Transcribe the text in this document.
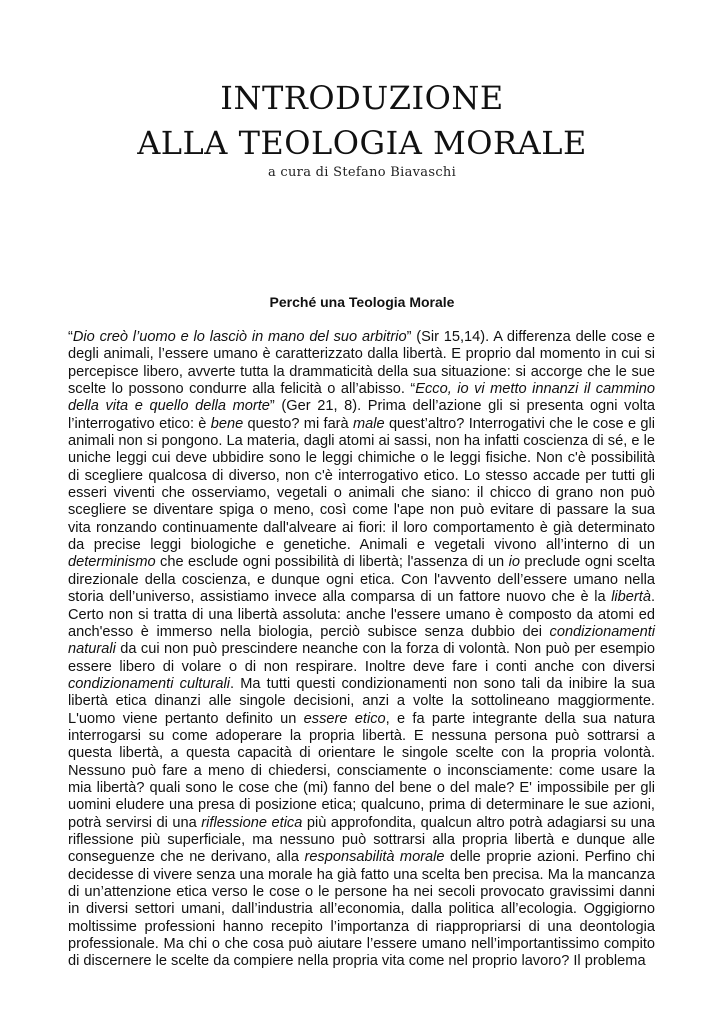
INTRODUZIONE
ALLA TEOLOGIA MORALE
a cura di Stefano Biavaschi
Perché una Teologia Morale

“Dio creò l’uomo e lo lasciò in mano del suo arbitrio” (Sir 15,14). A differenza delle cose e degli animali, l’essere umano è caratterizzato dalla libertà. E proprio dal momento in cui si percepisce libero, avverte tutta la drammaticità della sua situazione: si accorge che le sue scelte lo possono condurre alla felicità o all’abisso. “Ecco, io vi metto innanzi il cammino della vita e quello della morte” (Ger 21, 8). Prima dell’azione gli si presenta ogni volta l’interrogativo etico: è bene questo? mi farà male quest’altro? Interrogativi che le cose e gli animali non si pongono. La materia, dagli atomi ai sassi, non ha infatti coscienza di sé, e le uniche leggi cui deve ubbidire sono le leggi chimiche o le leggi fisiche. Non c'è possibilità di scegliere qualcosa di diverso, non c'è interrogativo etico. Lo stesso accade per tutti gli esseri viventi che osserviamo, vegetali o animali che siano: il chicco di grano non può scegliere se diventare spiga o meno, così come l'ape non può evitare di passare la sua vita ronzando continuamente dall'alveare ai fiori: il loro comportamento è già determinato da precise leggi biologiche e genetiche. Animali e vegetali vivono all’interno di un determinismo che esclude ogni possibilità di libertà; l'assenza di un io preclude ogni scelta direzionale della coscienza, e dunque ogni etica. Con l'avvento dell’essere umano nella storia dell’universo, assistiamo invece alla comparsa di un fattore nuovo che è la libertà. Certo non si tratta di una libertà assoluta: anche l'essere umano è composto da atomi ed anch'esso è immerso nella biologia, perciò subisce senza dubbio dei condizionamenti naturali da cui non può prescindere neanche con la forza di volontà. Non può per esempio essere libero di volare o di non respirare. Inoltre deve fare i conti anche con diversi condizionamenti culturali. Ma tutti questi condizionamenti non sono tali da inibire la sua libertà etica dinanzi alle singole decisioni, anzi a volte la sottolineano maggiormente. L'uomo viene pertanto definito un essere etico, e fa parte integrante della sua natura interrogarsi su come adoperare la propria libertà. E nessuna persona può sottrarsi a questa libertà, a questa capacità di orientare le singole scelte con la propria volontà. Nessuno può fare a meno di chiedersi, consciamente o inconsciamente: come usare la mia libertà? quali sono le cose che (mi) fanno del bene o del male? E' impossibile per gli uomini eludere una presa di posizione etica; qualcuno, prima di determinare le sue azioni, potrà servirsi di una riflessione etica più approfondita, qualcun altro potrà adagiarsi su una riflessione più superficiale, ma nessuno può sottrarsi alla propria libertà e dunque alle conseguenze che ne derivano, alla responsabilità morale delle proprie azioni. Perfino chi decidesse di vivere senza una morale ha già fatto una scelta ben precisa. Ma la mancanza di un’attenzione etica verso le cose o le persone ha nei secoli provocato gravissimi danni in diversi settori umani, dall’industria all’economia, dalla politica all’ecologia. Oggigiorno moltissime professioni hanno recepito l’importanza di riappropriarsi di una deontologia professionale. Ma chi o che cosa può aiutare l’essere umano nell’importantissimo compito di discernere le scelte da compiere nella propria vita come nel proprio lavoro? Il problema
